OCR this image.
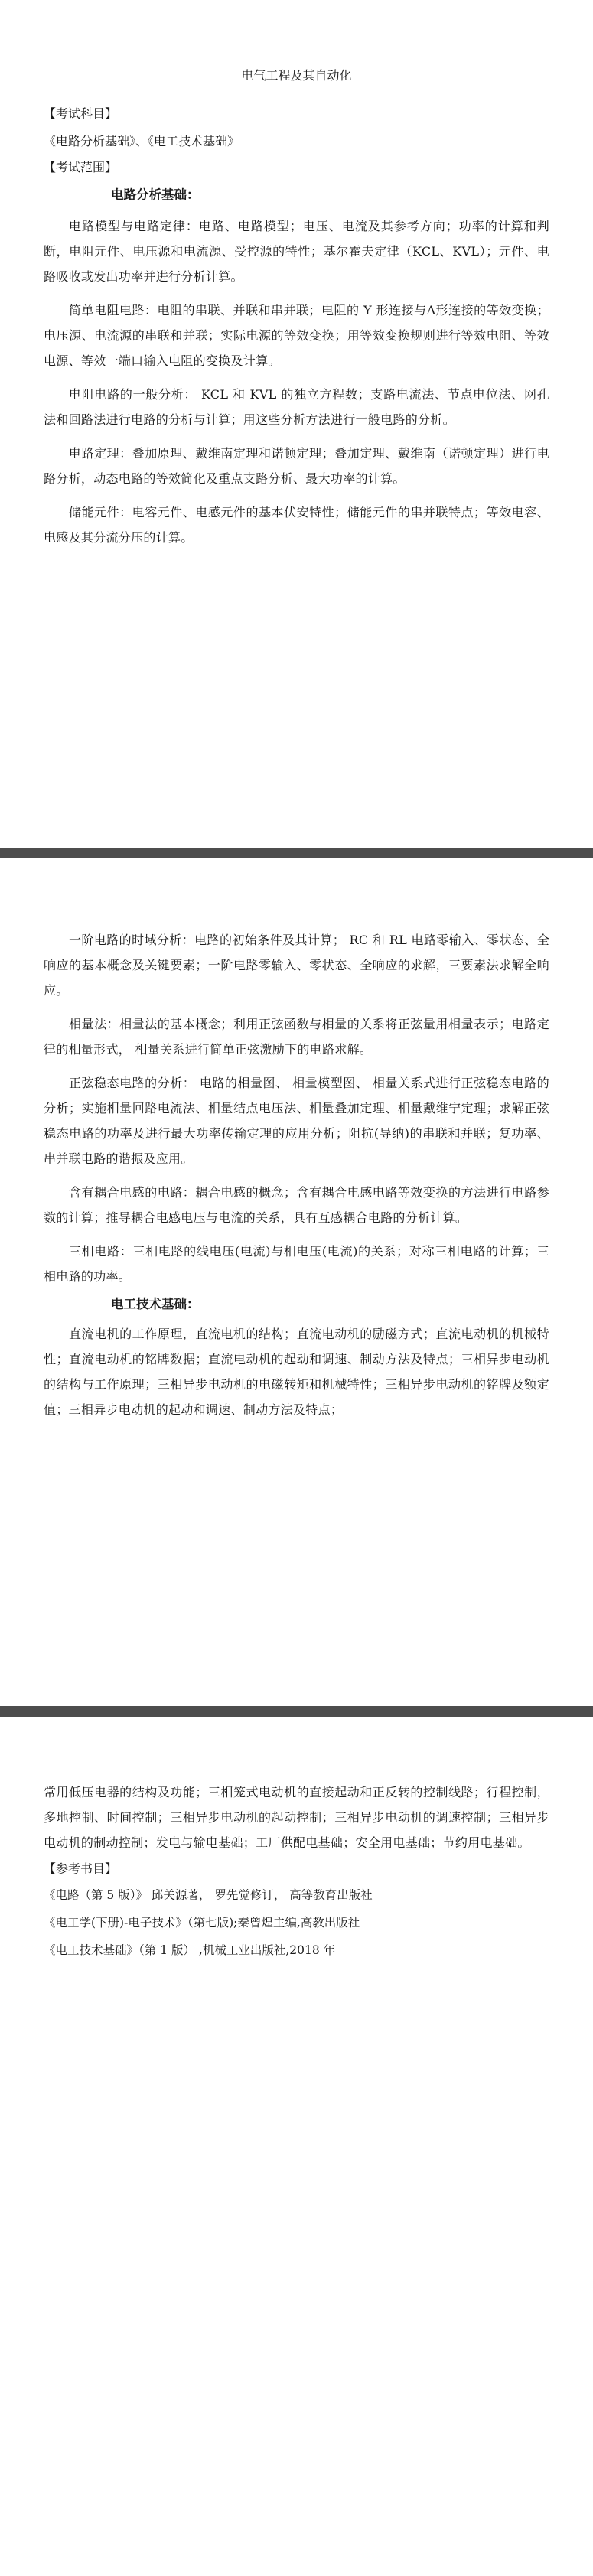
电气工程及其自动化

【考试科目】

《电路分析基础》、《电工技术基础》

【考试范围】

电路分析基础：

电路模型与电路定律：电路、电路模型；电压、电流及其参考方向；功率的计算和判断，电阻元件、电压源和电流源、受控源的特性；基尔霍夫定律（KCL、KVL）；元件、电路吸收或发出功率并进行分析计算。

简单电阻电路：电阻的串联、并联和串并联；电阻的 Y 形连接与Δ形连接的等效变换；电压源、电流源的串联和并联；实际电源的等效变换；用等效变换规则进行等效电阻、等效电源、等效一端口输入电阻的变换及计算。

电阻电路的一般分析： KCL 和 KVL 的独立方程数；支路电流法、节点电位法、网孔法和回路法进行电路的分析与计算；用这些分析方法进行一般电路的分析。

电路定理：叠加原理、戴维南定理和诺顿定理；叠加定理、戴维南（诺顿定理）进行电路分析，动态电路的等效简化及重点支路分析、最大功率的计算。

储能元件：电容元件、电感元件的基本伏安特性；储能元件的串并联特点；等效电容、电感及其分流分压的计算。

一阶电路的时域分析：电路的初始条件及其计算； RC 和 RL 电路零输入、零状态、全响应的基本概念及关键要素；一阶电路零输入、零状态、全响应的求解，三要素法求解全响应。

相量法：相量法的基本概念；利用正弦函数与相量的关系将正弦量用相量表示；电路定律的相量形式， 相量关系进行简单正弦激励下的电路求解。

正弦稳态电路的分析： 电路的相量图、 相量模型图、 相量关系式进行正弦稳态电路的分析；实施相量回路电流法、相量结点电压法、相量叠加定理、相量戴维宁定理；求解正弦稳态电路的功率及进行最大功率传输定理的应用分析；阻抗(导纳)的串联和并联；复功率、串并联电路的谐振及应用。

含有耦合电感的电路：耦合电感的概念；含有耦合电感电路等效变换的方法进行电路参数的计算；推导耦合电感电压与电流的关系，具有互感耦合电路的分析计算。

三相电路：三相电路的线电压(电流)与相电压(电流)的关系；对称三相电路的计算；三相电路的功率。

电工技术基础：

直流电机的工作原理，直流电机的结构；直流电动机的励磁方式；直流电动机的机械特性；直流电动机的铭牌数据；直流电动机的起动和调速、制动方法及特点；三相异步电动机的结构与工作原理；三相异步电动机的电磁转矩和机械特性；三相异步电动机的铭牌及额定值；三相异步电动机的起动和调速、制动方法及特点；

常用低压电器的结构及功能；三相笼式电动机的直接起动和正反转的控制线路；行程控制，多地控制、时间控制；三相异步电动机的起动控制；三相异步电动机的调速控制；三相异步电动机的制动控制；发电与输电基础；工厂供配电基础；安全用电基础；节约用电基础。

【参考书目】

《电路（第 5 版）》 邱关源著， 罗先觉修订， 高等教育出版社

《电工学(下册)-电子技术》（第七版);秦曾煌主编,高教出版社

《电工技术基础》（第 1 版） ,机械工业出版社,2018 年
